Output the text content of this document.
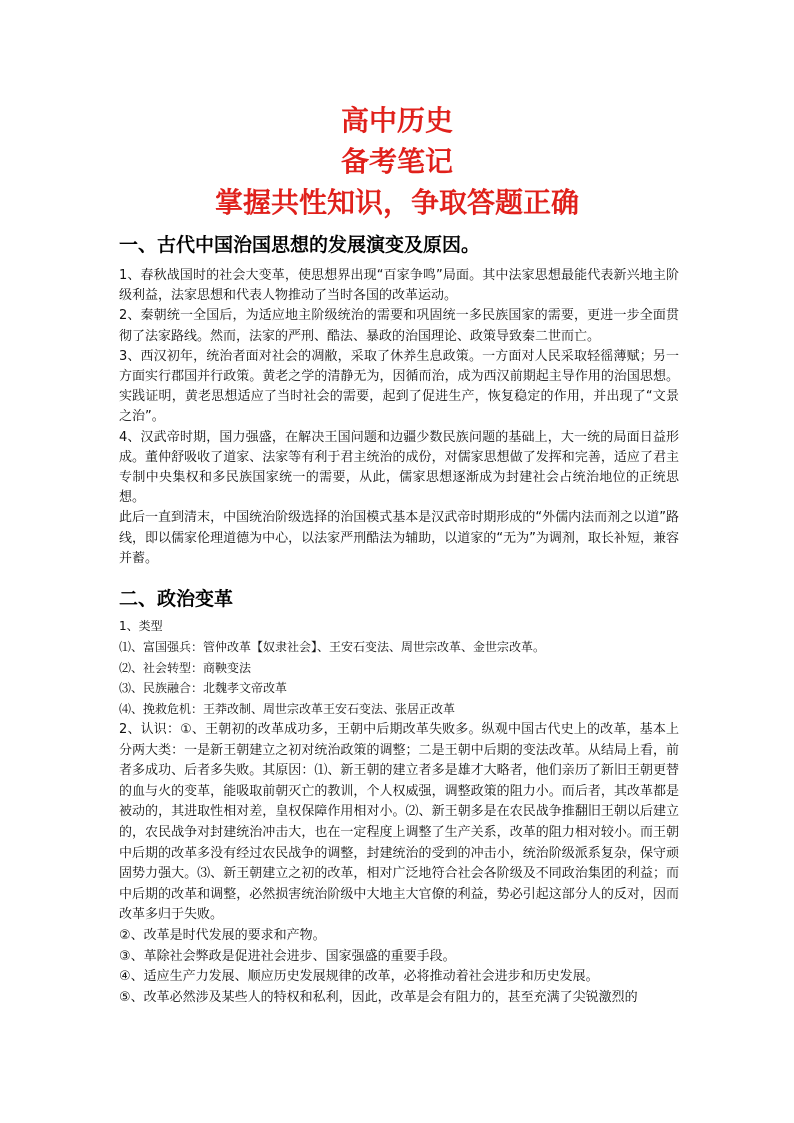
高中历史

备考笔记

掌握共性知识，争取答题正确

一、古代中国治国思想的发展演变及原因。

1、春秋战国时的社会大变革，使思想界出现“百家争鸣”局面。其中法家思想最能代表新兴地主阶级利益，法家思想和代表人物推动了当时各国的改革运动。

2、秦朝统一全国后，为适应地主阶级统治的需要和巩固统一多民族国家的需要，更进一步全面贯彻了法家路线。然而，法家的严刑、酷法、暴政的治国理论、政策导致秦二世而亡。

3、西汉初年，统治者面对社会的凋敝，采取了休养生息政策。一方面对人民采取轻徭薄赋；另一方面实行郡国并行政策。黄老之学的清静无为，因循而治，成为西汉前期起主导作用的治国思想。实践证明，黄老思想适应了当时社会的需要，起到了促进生产，恢复稳定的作用，并出现了“文景之治”。

4、汉武帝时期，国力强盛，在解决王国问题和边疆少数民族问题的基础上，大一统的局面日益形成。董仲舒吸收了道家、法家等有利于君主统治的成份，对儒家思想做了发挥和完善，适应了君主专制中央集权和多民族国家统一的需要，从此，儒家思想逐渐成为封建社会占统治地位的正统思想。

此后一直到清末，中国统治阶级选择的治国模式基本是汉武帝时期形成的“外儒内法而剂之以道”路线，即以儒家伦理道德为中心，以法家严刑酷法为辅助，以道家的“无为”为调剂，取长补短，兼容并蓄。

二、政治变革

1、类型

⑴、富国强兵：管仲改革【奴隶社会】、王安石变法、周世宗改革、金世宗改革。

⑵、社会转型：商鞅变法

⑶、民族融合：北魏孝文帝改革

⑷、挽救危机：王莽改制、周世宗改革王安石变法、张居正改革

2、认识：①、王朝初的改革成功多，王朝中后期改革失败多。纵观中国古代史上的改革，基本上分两大类：一是新王朝建立之初对统治政策的调整；二是王朝中后期的变法改革。从结局上看，前者多成功、后者多失败。其原因：⑴、新王朝的建立者多是雄才大略者，他们亲历了新旧王朝更替的血与火的变革，能吸取前朝灭亡的教训，个人权威强，调整政策的阻力小。而后者，其改革都是被动的，其进取性相对差，皇权保障作用相对小。⑵、新王朝多是在农民战争推翻旧王朝以后建立的，农民战争对封建统治冲击大，也在一定程度上调整了生产关系，改革的阻力相对较小。而王朝中后期的改革多没有经过农民战争的调整，封建统治的受到的冲击小，统治阶级派系复杂，保守顽固势力强大。⑶、新王朝建立之初的改革，相对广泛地符合社会各阶级及不同政治集团的利益；而中后期的改革和调整，必然损害统治阶级中大地主大官僚的利益，势必引起这部分人的反对，因而改革多归于失败。

②、改革是时代发展的要求和产物。

③、革除社会弊政是促进社会进步、国家强盛的重要手段。

④、适应生产力发展、顺应历史发展规律的改革，必将推动着社会进步和历史发展。

⑤、改革必然涉及某些人的特权和私利，因此，改革是会有阻力的，甚至充满了尖锐激烈的
